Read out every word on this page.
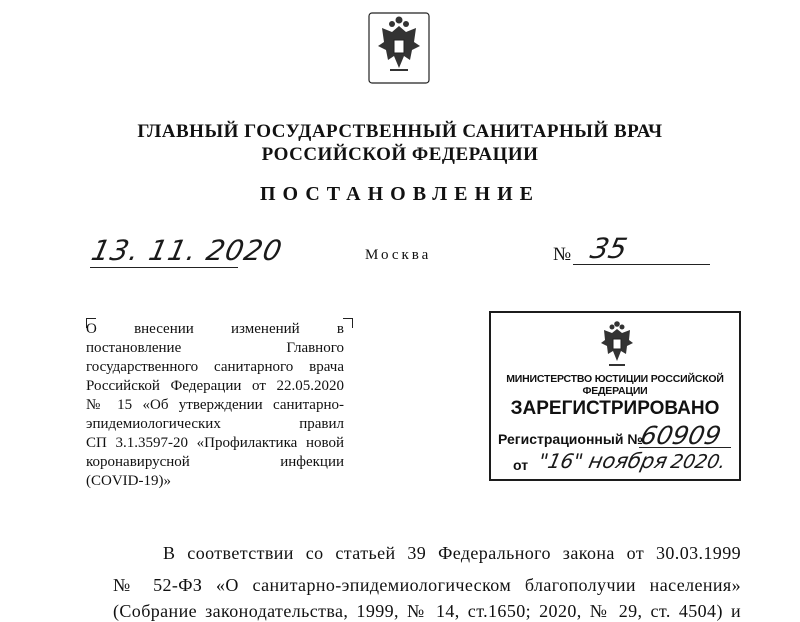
ГЛАВНЫЙ ГОСУДАРСТВЕННЫЙ САНИТАРНЫЙ ВРАЧ
РОССИЙСКОЙ ФЕДЕРАЦИИ
ПОСТАНОВЛЕНИЕ
13. 11. 2020	Москва	№ 35
О внесении изменений в
постановление Главного
государственного санитарного врача
Российской Федерации от 22.05.2020
№ 15 «Об утверждении санитарно-
эпидемиологических правил
СП 3.1.3597-20 «Профилактика новой
коронавирусной инфекции
(COVID-19)»
МИНИСТЕРСТВО ЮСТИЦИИ РОССИЙСКОЙ ФЕДЕРАЦИИ
ЗАРЕГИСТРИРОВАНО
Регистрационный №
60909
от "16" ноября
2020.
В соответствии со статьей 39 Федерального закона от 30.03.1999
№ 52-ФЗ «О санитарно-эпидемиологическом благополучии населения»
(Собрание законодательства, 1999, № 14, ст.1650; 2020, № 29, ст. 4504) и
